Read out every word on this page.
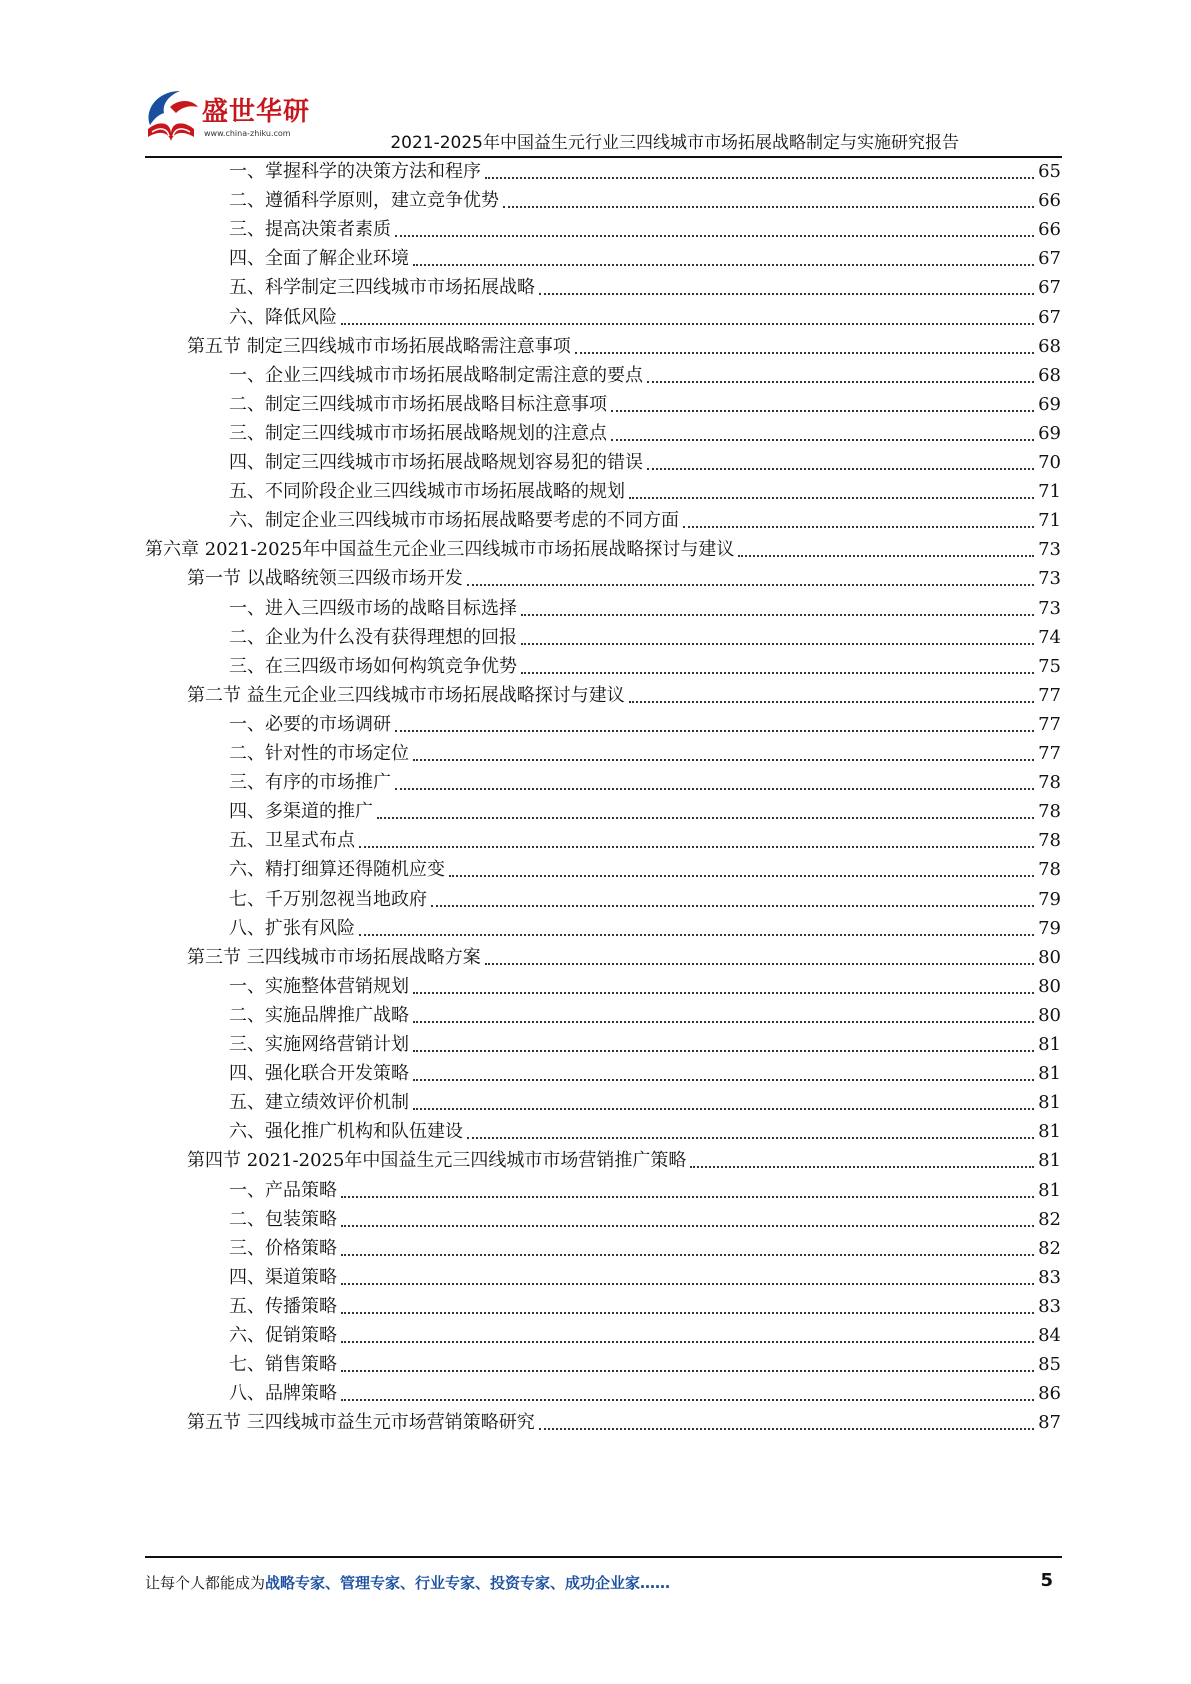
盛世华研
www.china-zhiku.com	2021-2025年中国益生元行业三四线城市市场拓展战略制定与实施研究报告
一、掌握科学的决策方法和程序	65
二、遵循科学原则，建立竞争优势	66
三、提高决策者素质	66
四、全面了解企业环境	67
五、科学制定三四线城市市场拓展战略	67
六、降低风险	67
第五节 制定三四线城市市场拓展战略需注意事项	68
一、企业三四线城市市场拓展战略制定需注意的要点	68
二、制定三四线城市市场拓展战略目标注意事项	69
三、制定三四线城市市场拓展战略规划的注意点	69
四、制定三四线城市市场拓展战略规划容易犯的错误	70
五、不同阶段企业三四线城市市场拓展战略的规划	71
六、制定企业三四线城市市场拓展战略要考虑的不同方面	71
第六章 2021-2025年中国益生元企业三四线城市市场拓展战略探讨与建议	73
第一节 以战略统领三四级市场开发	73
一、进入三四级市场的战略目标选择	73
二、企业为什么没有获得理想的回报	74
三、在三四级市场如何构筑竞争优势	75
第二节 益生元企业三四线城市市场拓展战略探讨与建议	77
一、必要的市场调研	77
二、针对性的市场定位	77
三、有序的市场推广	78
四、多渠道的推广	78
五、卫星式布点	78
六、精打细算还得随机应变	78
七、千万别忽视当地政府	79
八、扩张有风险	79
第三节 三四线城市市场拓展战略方案	80
一、实施整体营销规划	80
二、实施品牌推广战略	80
三、实施网络营销计划	81
四、强化联合开发策略	81
五、建立绩效评价机制	81
六、强化推广机构和队伍建设	81
第四节 2021-2025年中国益生元三四线城市市场营销推广策略	81
一、产品策略	81
二、包装策略	82
三、价格策略	82
四、渠道策略	83
五、传播策略	83
六、促销策略	84
七、销售策略	85
八、品牌策略	86
第五节 三四线城市益生元市场营销策略研究	87
让每个人都能成为战略专家、管理专家、行业专家、投资专家、成功企业家……	5
